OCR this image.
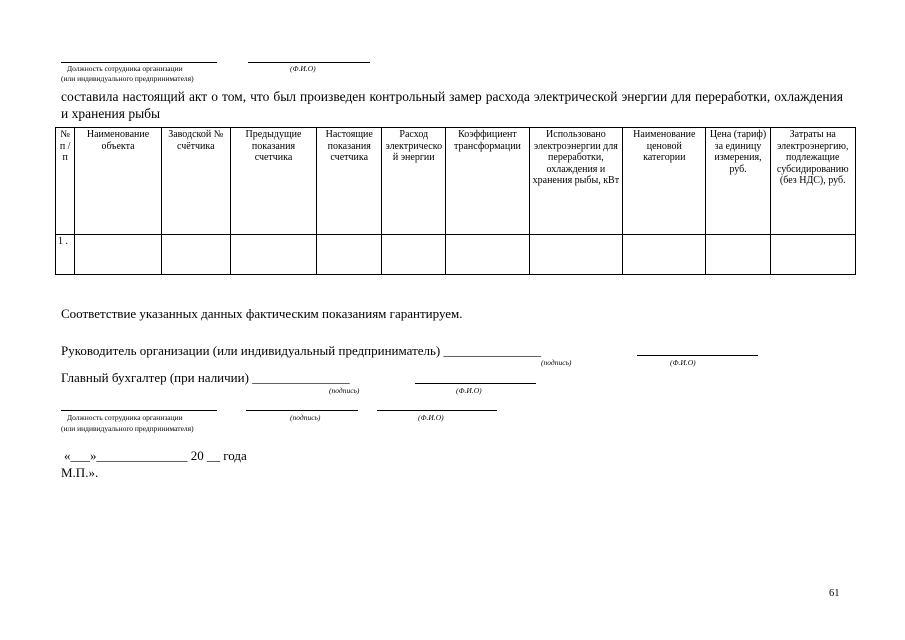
Должность сотрудника организации	(Ф.И.О)
(или индивидуального предпринимателя)
составила настоящий акт о том, что был произведен контрольный замер расхода электрической энергии для переработки, охлаждения и хранения рыбы
№ п / п	Наименование объекта	Заводской № счётчика	Предыдущие показания счетчика	Настоящие показания счетчика	Расход электрической энергии	Коэффициент трансформации	Использовано электроэнергии для переработки, охлаждения и хранения рыбы, кВт	Наименование ценовой категории	Цена (тариф) за единицу измерения, руб.	Затраты на электроэнергию, подлежащие субсидированию (без НДС), руб.
1 .										
Соответствие указанных данных фактическим показаниям гарантируем.
Руководитель организации (или индивидуальный предприниматель) _______________
(подпись)	(Ф.И.О)
Главный бухгалтер (при наличии) _______________
(подпись)	(Ф.И.О)
Должность сотрудника организации	(подпись)	(Ф.И.О)
(или индивидуального предпринимателя)
«___»______________ 20 __ года
М.П.».
61
